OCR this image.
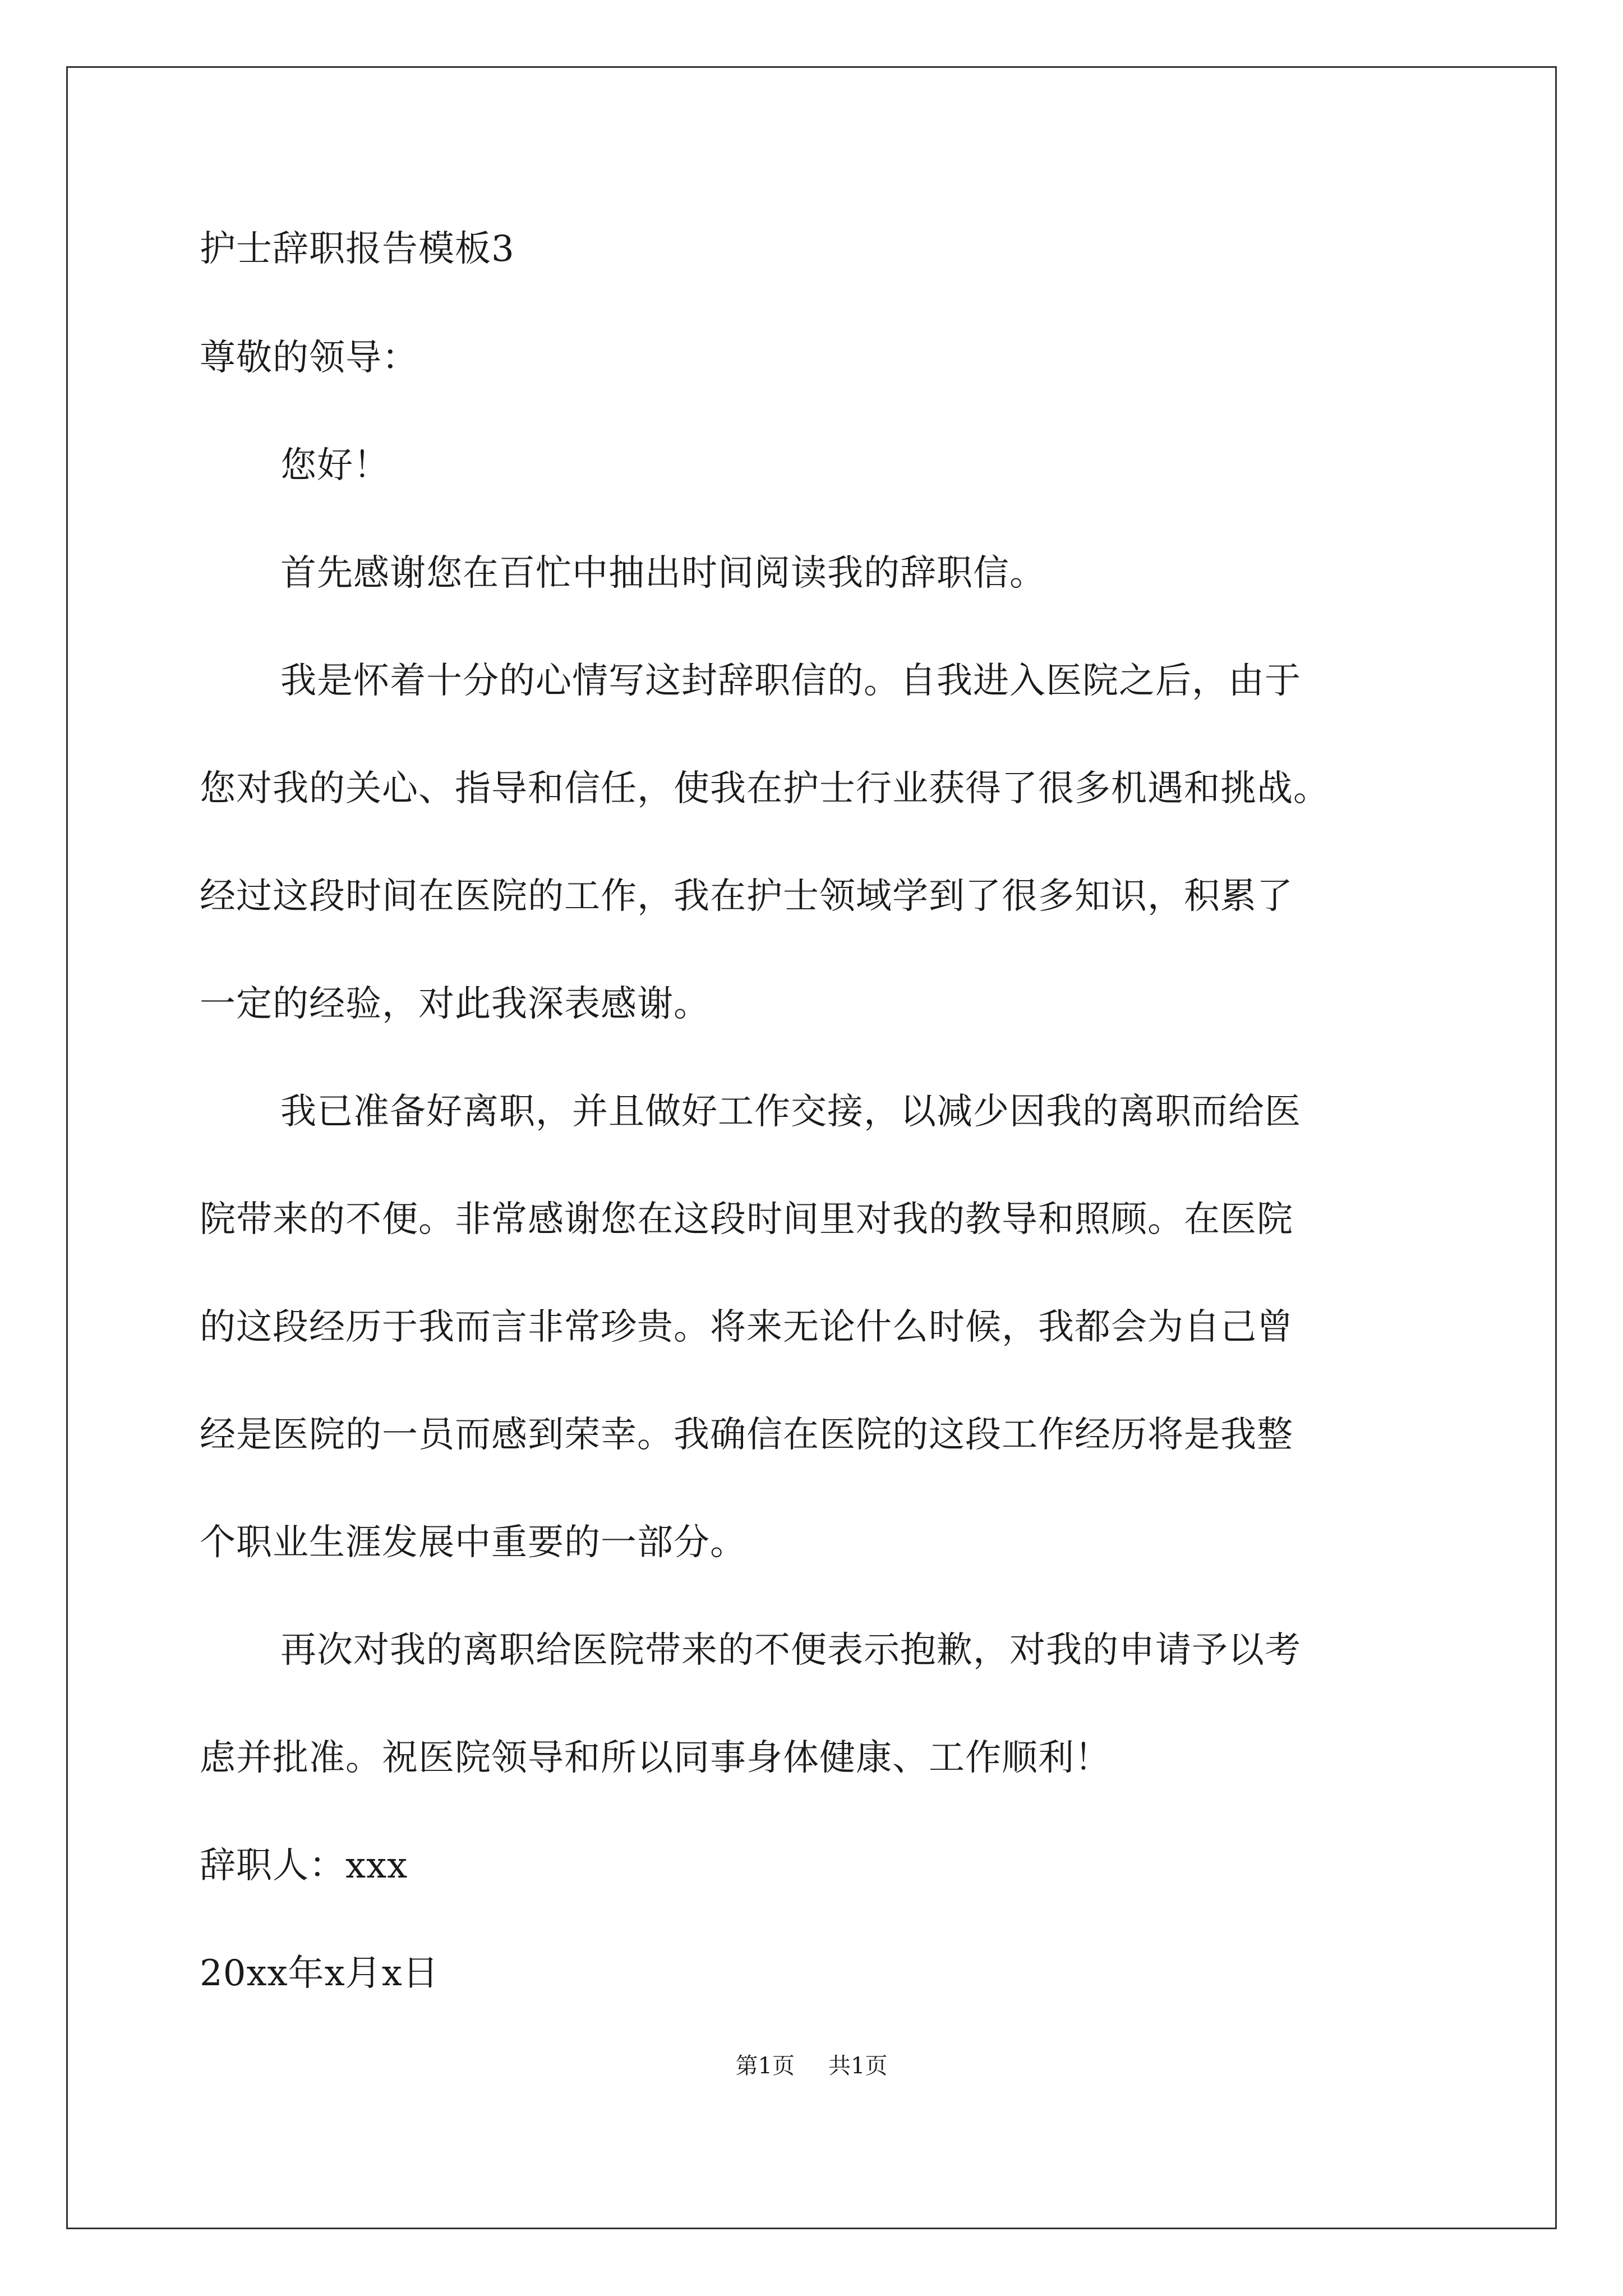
护士辞职报告模板3
尊敬的领导：
您好！
首先感谢您在百忙中抽出时间阅读我的辞职信。
我是怀着十分的心情写这封辞职信的。自我进入医院之后，由于
您对我的关心、指导和信任，使我在护士行业获得了很多机遇和挑战。
经过这段时间在医院的工作，我在护士领域学到了很多知识，积累了
一定的经验，对此我深表感谢。
我已准备好离职，并且做好工作交接，以减少因我的离职而给医
院带来的不便。非常感谢您在这段时间里对我的教导和照顾。在医院
的这段经历于我而言非常珍贵。将来无论什么时候，我都会为自己曾
经是医院的一员而感到荣幸。我确信在医院的这段工作经历将是我整
个职业生涯发展中重要的一部分。
再次对我的离职给医院带来的不便表示抱歉，对我的申请予以考
虑并批准。祝医院领导和所以同事身体健康、工作顺利！
辞职人：xxx
20xx年x月x日
第1页 共1页
